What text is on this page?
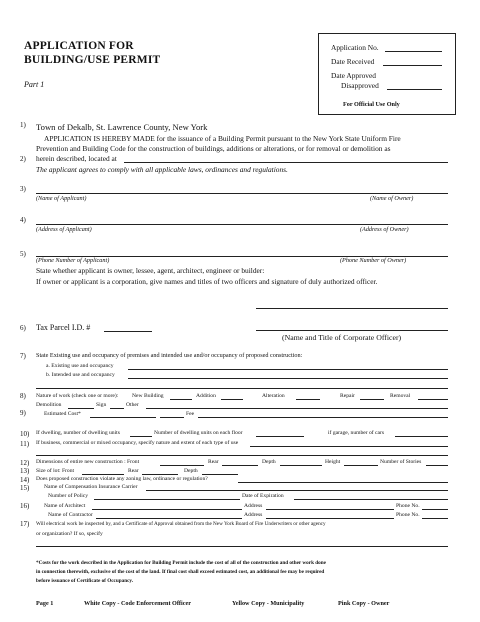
APPLICATION FOR
BUILDING/USE PERMIT
Part 1
Application No.
Date Received
Date Approved
Disapproved
For Official Use Only
1) Town of Dekalb, St. Lawrence County, New York
APPLICATION IS HEREBY MADE for the issuance of a Building Permit pursuant to the New York State Uniform Fire
Prevention and Building Code for the construction of buildings, additions or alterations, or for removal or demolition as
2) herein described, located at
The applicant agrees to comply with all applicable laws, ordinances and regulations.
3)
(Name of Applicant)	(Name of Owner)
4)
(Address of Applicant)	(Address of Owner)
5)
(Phone Number of Applicant)	(Phone Number of Owner)
State whether applicant is owner, lessee, agent, architect, engineer or builder:
If owner or applicant is a corporation, give names and titles of two officers and signature of duly authorized officer.
6) Tax Parcel I.D. #
(Name and Title of Corporate Officer)
7) State Existing use and occupancy of premises and intended use and/or occupancy of proposed construction:
a. Existing use and occupancy
b. Intended use and occupancy
8) Nature of work (check one or more): New Building	Addition	Alteration	Repair	Removal
Demolition	Sign	Other
9)	Estimated Cost*	Fee
10) If dwelling, number of dwelling units	Number of dwelling units on each floor	if garage, number of cars
11) If business, commercial or mixed occupancy, specify nature and extent of each type of use
12) Dimensions of entire new construction : Front	Rear	Depth	Height	Number of Stories
13) Size of lot: Front	Rear	Depth
14) Does proposed construction violate any zoning law, ordinance or regulation?
15)	Name of Compensation Insurance Carrier
Number of Policy	Date of Expiration
16)	Name of Architect	Address	Phone No.
Name of Contractor	Address	Phone No.
17) Will electrical work be inspected by, and a Certificate of Approval obtained from the New York Board of Fire Underwriters or other agency
or organization? If so, specify
*Costs for the work described in the Application for Building Permit include the cost of all of the construction and other work done
in connection therewith, exclusive of the cost of the land. If final cost shall exceed estimated cost, an additional fee may be required
before issuance of Certificate of Occupancy.
Page 1	White Copy - Code Enforcement Officer	Yellow Copy - Municipality	Pink Copy - Owner
